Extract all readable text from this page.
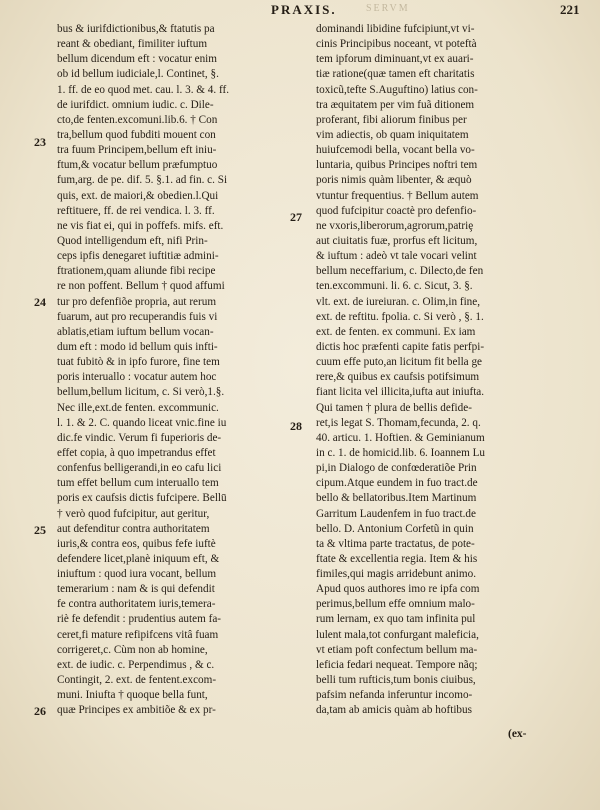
PRAXIS.	SERVM	221
23
24
25
26
27
28
bus & iurifdictionibus,& ftatutis pa
reant & obediant, fimiliter iuftum
bellum dicendum eft : vocatur enim
ob id bellum iudiciale,l. Continet, §.
1. ff. de eo quod met. cau. l. 3. & 4. ff.
de iurifdict. omnium iudic. c. Dile-
cto,de fenten.excomuni.lib.6. † Con
tra,bellum quod fubditi mouent con
tra fuum Principem,bellum eft iniu-
ftum,& vocatur bellum præfumptuo
fum,arg. de pe. dif. 5. §.1. ad fin. c. Si
quis, ext. de maiori,& obedien.l.Qui
reftituere, ff. de rei vendica. l. 3. ff.
ne vis fiat ei, qui in poffefs. mifs. eft.
Quod intelligendum eft, nifi Prin-
ceps ipfis denegaret iuftitiæ admini-
ftrationem,quam aliunde fibi recipe
re non poffent. Bellum † quod affumi
tur pro defenfiõe propria, aut rerum
fuarum, aut pro recuperandis fuis vi
ablatis,etiam iuftum bellum vocan-
dum eft : modo id bellum quis infti-
tuat fubitò & in ipfo furore, fine tem
poris interuallo : vocatur autem hoc
bellum,bellum licitum, c. Si verò,1.§.
Nec ille,ext.de fenten. excommunic.
l. 1. & 2. C. quando liceat vnic.fine iu
dic.fe vindic. Verum fi fuperioris de-
effet copia, à quo impetrandus effet
confenfus belligerandi,in eo cafu lici
tum effet bellum cum interuallo tem
poris ex caufsis dictis fufcipere. Bellū
† verò quod fufcipitur, aut geritur,
aut defenditur contra authoritatem
iuris,& contra eos, quibus fefe iuftè
defendere licet,planè iniquum eft, &
iniuftum : quod iura vocant, bellum
temerarium : nam & is qui defendit
fe contra authoritatem iuris,temera-
riè fe defendit : prudentius autem fa-
ceret,fi mature refipifcens vitâ fuam
corrigeret,c. Cùm non ab homine,
ext. de iudic. c. Perpendimus , & c.
Contingit, 2. ext. de fentent.excom-
muni. Iniufta † quoque bella funt,
quæ Principes ex ambitiõe & ex pr-
dominandi libidine fufcipiunt,vt vi-
cinis Principibus noceant, vt poteftà
tem ipforum diminuant,vt ex auari-
tiæ ratione(quæ tamen eft charitatis
toxicũ,tefte S.Auguftino) latius con-
tra æquitatem per vim fuã ditionem
proferant, fibi aliorum finibus per
vim adiectis, ob quam iniquitatem
huiufcemodi bella, vocant bella vo-
luntaria, quibus Principes noftri tem
poris nimis quàm libenter, & æquò
vtuntur frequentius. † Bellum autem
quod fufcipitur coactè pro defenfio-
ne vxoris,liberorum,agrorum,patriȩ
aut ciuitatis fuæ, prorfus eft licitum,
& iuftum : adeò vt tale vocari velint
bellum neceffarium, c. Dilecto,de fen
ten.excommuni. li. 6. c. Sicut, 3. §.
vlt. ext. de iureiuran. c. Olim,in fine,
ext. de reftitu. fpolia. c. Si verò , §. 1.
ext. de fenten. ex communi. Ex iam
dictis hoc præfenti capite fatis perfpi-
cuum effe puto,an licitum fit bella ge
rere,& quibus ex caufsis potifsimum
fiant licita vel illicita,iufta aut iniufta.
Qui tamen † plura de bellis defide-
ret,is legat S. Thomam,fecunda, 2. q.
40. articu. 1. Hoftien. & Geminianum
in c. 1. de homicid.lib. 6. Ioannem Lu
pi,in Dialogo de confœderatiõe Prin
cipum.Atque eundem in fuo tract.de
bello & bellatoribus.Item Martinum
Garritum Laudenfem in fuo tract.de
bello. D. Antonium Corfetũ in quin
ta & vltima parte tractatus, de pote-
ftate & excellentia regia. Item & his
fimiles,qui magis arridebunt animo.
Apud quos authores imo re ipfa com
perimus,bellum effe omnium malo-
rum lernam, ex quo tam infinita pul
lulent mala,tot confurgant maleficia,
vt etiam poft confectum bellum ma-
leficia fedari nequeat. Tempore nãq;
belli tum rufticis,tum bonis ciuibus,
pafsim nefanda inferuntur incomo-
da,tam ab amicis quàm ab hoftibus
(ex-
